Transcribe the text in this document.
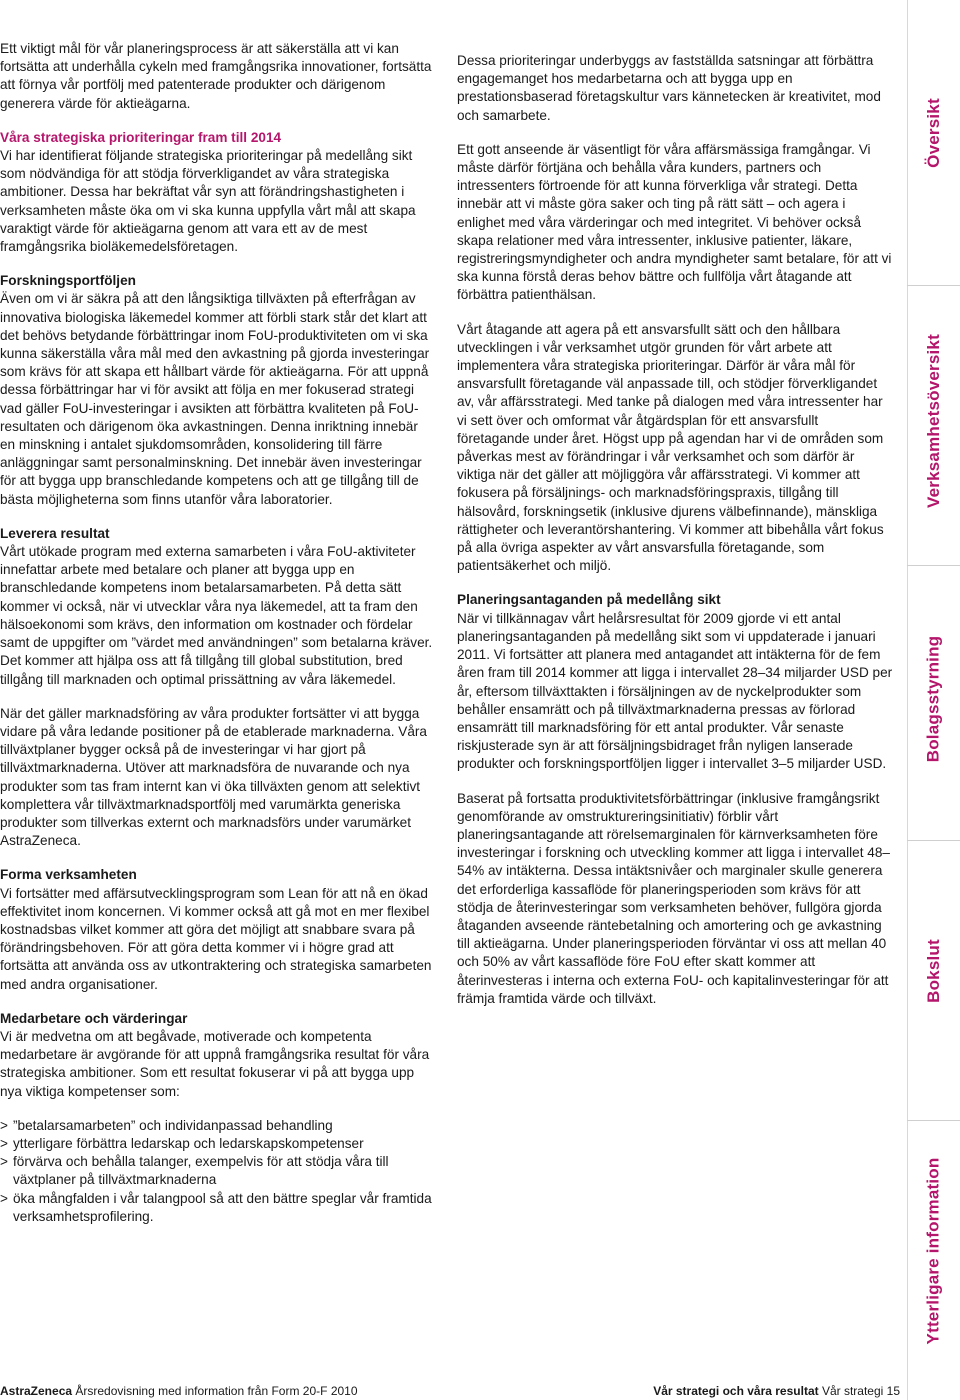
Ett viktigt mål för vår planeringsprocess är att säkerställa att vi kan fortsätta att underhålla cykeln med framgångsrika innovationer, fortsätta att förnya vår portfölj med patenterade produkter och därigenom generera värde för aktieägarna.

Våra strategiska prioriteringar fram till 2014

Vi har identifierat följande strategiska prioriteringar på medellång sikt som nödvändiga för att stödja förverkligandet av våra strategiska ambitioner. Dessa har bekräftat vår syn att förändringshastigheten i verksamheten måste öka om vi ska kunna uppfylla vårt mål att skapa varaktigt värde för aktieägarna genom att vara ett av de mest framgångsrika bioläkemedelsföretagen.

Forskningsportföljen

Även om vi är säkra på att den långsiktiga tillväxten på efterfrågan av innovativa biologiska läkemedel kommer att förbli stark står det klart att det behövs betydande förbättringar inom FoU-produktiviteten om vi ska kunna säkerställa våra mål med den avkastning på gjorda investeringar som krävs för att skapa ett hållbart värde för aktieägarna. För att uppnå dessa förbättringar har vi för avsikt att följa en mer fokuserad strategi vad gäller FoU-investeringar i avsikten att förbättra kvaliteten på FoU-resultaten och därigenom öka avkastningen. Denna inriktning innebär en minskning i antalet sjukdomsområden, konsolidering till färre anläggningar samt personalminskning. Det innebär även investeringar för att bygga upp branschledande kompetens och att ge tillgång till de bästa möjligheterna som finns utanför våra laboratorier.

Leverera resultat

Vårt utökade program med externa samarbeten i våra FoU-aktiviteter innefattar arbete med betalare och planer att bygga upp en branschledande kompetens inom betalarsamarbeten. På detta sätt kommer vi också, när vi utvecklar våra nya läkemedel, att ta fram den hälsoekonomi som krävs, den information om kostnader och fördelar samt de uppgifter om ”värdet med användningen” som betalarna kräver. Det kommer att hjälpa oss att få tillgång till global substitution, bred tillgång till marknaden och optimal prissättning av våra läkemedel.

När det gäller marknadsföring av våra produkter fortsätter vi att bygga vidare på våra ledande positioner på de etablerade marknaderna. Våra tillväxtplaner bygger också på de investeringar vi har gjort på tillväxtmarknaderna. Utöver att marknadsföra de nuvarande och nya produkter som tas fram internt kan vi öka tillväxten genom att selektivt komplettera vår tillväxtmarknadsportfölj med varumärkta generiska produkter som tillverkas externt och marknadsförs under varumärket AstraZeneca.

Forma verksamheten

Vi fortsätter med affärsutvecklingsprogram som Lean för att nå en ökad effektivitet inom koncernen. Vi kommer också att gå mot en mer flexibel kostnadsbas vilket kommer att göra det möjligt att snabbare svara på förändringsbehoven. För att göra detta kommer vi i högre grad att fortsätta att använda oss av utkontraktering och strategiska samarbeten med andra organisationer.

Medarbetare och värderingar

Vi är medvetna om att begåvade, motiverade och kompetenta medarbetare är avgörande för att uppnå framgångsrika resultat för våra strategiska ambitioner. Som ett resultat fokuserar vi på att bygga upp nya viktiga kompetenser som:

> ”betalarsamarbeten” och individanpassad behandling
> ytterligare förbättra ledarskap och ledarskapskompetenser
> förvärva och behålla talanger, exempelvis för att stödja våra till växtplaner på tillväxtmarknaderna
> öka mångfalden i vår talangpool så att den bättre speglar vår framtida verksamhetsprofilering.

Dessa prioriteringar underbyggs av fastställda satsningar att förbättra engagemanget hos medarbetarna och att bygga upp en prestationsbaserad företagskultur vars kännetecken är kreativitet, mod och samarbete.

Ett gott anseende är väsentligt för våra affärsmässiga framgångar. Vi måste därför förtjäna och behålla våra kunders, partners och intressenters förtroende för att kunna förverkliga vår strategi. Detta innebär att vi måste göra saker och ting på rätt sätt – och agera i enlighet med våra värderingar och med integritet. Vi behöver också skapa relationer med våra intressenter, inklusive patienter, läkare, registreringsmyndigheter och andra myndigheter samt betalare, för att vi ska kunna förstå deras behov bättre och fullfölja vårt åtagande att förbättra patienthälsan.

Vårt åtagande att agera på ett ansvarsfullt sätt och den hållbara utvecklingen i vår verksamhet utgör grunden för vårt arbete att implementera våra strategiska prioriteringar. Därför är våra mål för ansvarsfullt företagande väl anpassade till, och stödjer förverkligandet av, vår affärsstrategi. Med tanke på dialogen med våra intressenter har vi sett över och omformat vår åtgärdsplan för ett ansvarsfullt företagande under året. Högst upp på agendan har vi de områden som påverkas mest av förändringar i vår verksamhet och som därför är viktiga när det gäller att möjliggöra vår affärsstrategi. Vi kommer att fokusera på försäljnings- och marknadsföringspraxis, tillgång till hälsovård, forskningsetik (inklusive djurens välbefinnande), mänskliga rättigheter och leverantörshantering. Vi kommer att bibehålla vårt fokus på alla övriga aspekter av vårt ansvarsfulla företagande, som patientsäkerhet och miljö.

Planeringsantaganden på medellång sikt

När vi tillkännagav vårt helårsresultat för 2009 gjorde vi ett antal planeringsantaganden på medellång sikt som vi uppdaterade i januari 2011. Vi fortsätter att planera med antagandet att intäkterna för de fem åren fram till 2014 kommer att ligga i intervallet 28–34 miljarder USD per år, eftersom tillväxttakten i försäljningen av de nyckelprodukter som behåller ensamrätt och på tillväxtmarknaderna pressas av förlorad ensamrätt till marknadsföring för ett antal produkter. Vår senaste riskjusterade syn är att försäljningsbidraget från nyligen lanserade produkter och forskningsportföljen ligger i intervallet 3–5 miljarder USD.

Baserat på fortsatta produktivitetsförbättringar (inklusive framgångsrikt genomförande av omstruktureringsinitiativ) förblir vårt planeringsantagande att rörelsemarginalen för kärnverksamheten före investeringar i forskning och utveckling kommer att ligga i intervallet 48–54% av intäkterna. Dessa intäktsnivåer och marginaler skulle generera det erforderliga kassaflöde för planeringsperioden som krävs för att stödja de återinvesteringar som verksamheten behöver, fullgöra gjorda åtaganden avseende räntebetalning och amortering och ge avkastning till aktieägarna. Under planeringsperioden förväntar vi oss att mellan 40 och 50% av vårt kassaflöde före FoU efter skatt kommer att återinvesteras i interna och externa FoU- och kapitalinvesteringar för att främja framtida värde och tillväxt.

Översikt
Verksamhetsöversikt
Bolagsstyrning
Bokslut
Ytterligare information
AstraZeneca Årsredovisning med information från Form 20-F 2010	Vår strategi och våra resultat Vår strategi 15
